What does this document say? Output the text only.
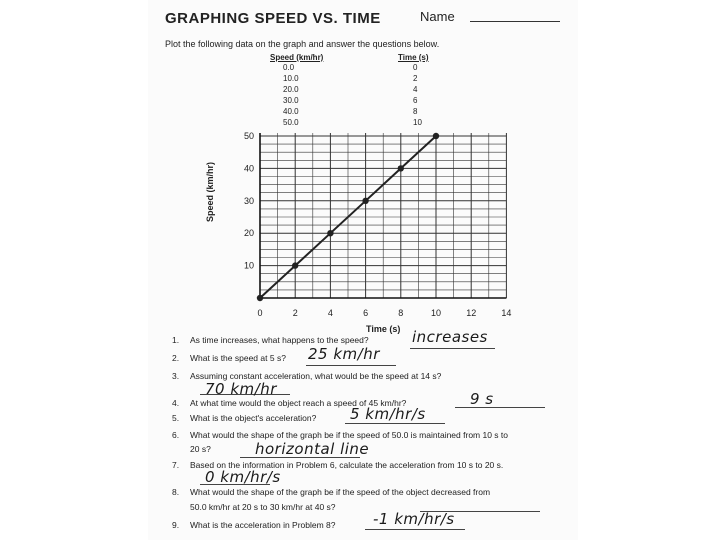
GRAPHING SPEED VS. TIME	Name
Plot the following data on the graph and answer the questions below.
Speed (km/hr)	Time (s)
0.0	0
10.0	2
20.0	4
30.0	6
40.0	8
50.0	10
0	2	4	6	8	10	12	14
10
20
30
40
50
Time (s)
Speed (km/hr)
1. As time increases, what happens to the speed?	increases
2. What is the speed at 5 s? 25 km/hr
3. Assuming constant acceleration, what would be the speed at 14 s?
70 km/hr
4. At what time would the object reach a speed of 45 km/hr?	9 s
5. What is the object's acceleration? 5 km/hr/s
6. What would the shape of the graph be if the speed of 50.0 is maintained from 10 s to
20 s?	horizontal line
7. Based on the information in Problem 6, calculate the acceleration from 10 s to 20 s.
0 km/hr/s
8. What would the shape of the graph be if the speed of the object decreased from
50.0 km/hr at 20 s to 30 km/hr at 40 s?
9. What is the acceleration in Problem 8? -1 km/hr/s
